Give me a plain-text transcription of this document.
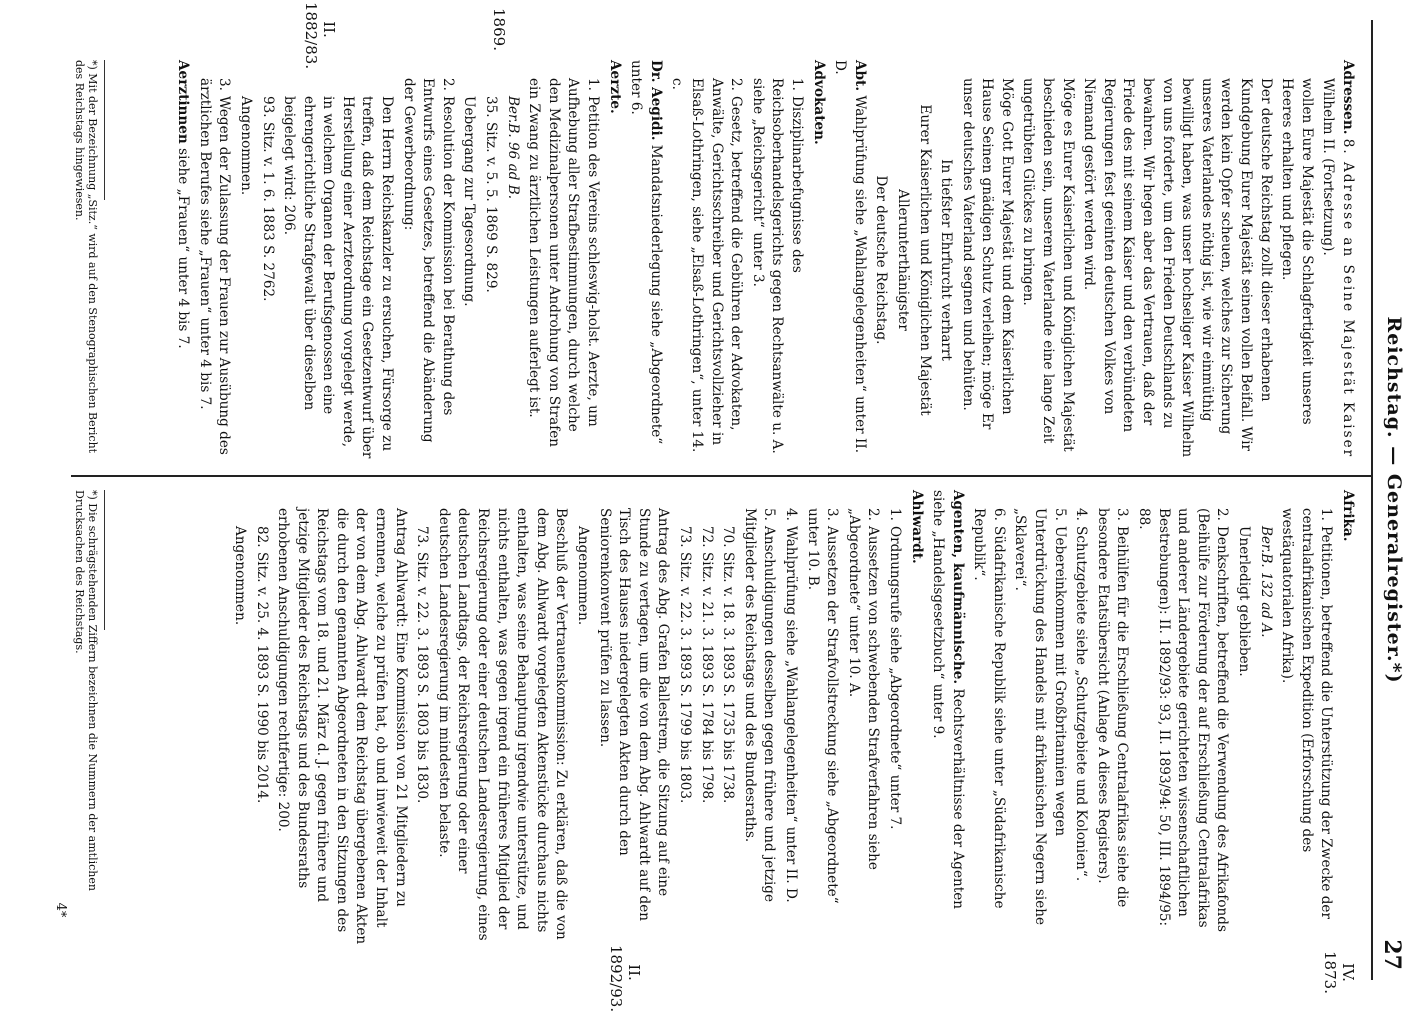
Reichstag. — Generalregister.*)
27
1869.
II.
1882/83.
IV.
1873.
II.
1892/93.

Adressen. 8. Adresse an Seine Majestät Kaiser
Wilhelm II. (Fortsetzung).

wollen Eure Majestät die Schlagfertigkeit unseres Heeres erhalten und pflegen.

Der deutsche Reichstag zollt dieser erhabenen Kundgebung Eurer Majestät seinen vollen Beifall. Wir werden kein Opfer scheuen, welches zur Sicherung unseres Vaterlandes nöthig ist, wie wir einmüthig bewilligt haben, was unser hochseliger Kaiser Wilhelm von uns forderte, um den Frieden Deutschlands zu bewahren. Wir hegen aber das Vertrauen, daß der Friede des mit seinem Kaiser und den verbündeten Regierungen fest geeinten deutschen Volkes von Niemand gestört werden wird.

Möge es Eurer Kaiserlichen und Königlichen Majestät beschieden sein, unserem Vaterlande eine lange Zeit ungetrübten Glückes zu bringen.

Möge Gott Eurer Majestät und dem Kaiserlichen Hause Seinen gnädigen Schutz verleihen; möge Er unser deutsches Vaterland segnen und behüten.

In tiefster Ehrfurcht verharrt

Eurer Kaiserlichen und Königlichen Majestät

Allerunterthänigster

Der deutsche Reichstag.

Abt. Wahlprüfung siehe „Wahlangelegenheiten“ unter II. D.

Advokaten.

1.Disziplinarbefugnisse des Reichsoberhandelsgerichts gegen Rechtsanwälte u. A. siehe „Reichsgericht“ unter 3.

2.Gesetz, betreffend die Gebühren der Advokaten, Anwälte, Gerichtsschreiber und Gerichtsvollzieher in Elsaß-Lothringen, siehe „Elsaß-Lothringen“, unter 14. c.

Dr. Aegidi. Mandatsniederlegung siehe „Abgeordnete“ unter 6.

Aerzte.

1.Petition des Vereins schleswig-holst. Aerzte, um Aufhebung aller Strafbestimmungen, durch welche den Medizinalpersonen unter Androhung von Strafen ein Zwang zu ärztlichen Leistungen auferlegt ist.

Ber.B. 96 ad B.

35. Sitz. v. 5. 5. 1869 S. 829.

Uebergang zur Tagesordnung.

2.Resolution der Kommission bei Berathung des Entwurfs eines Gesetzes, betreffend die Abänderung der Gewerbeordnung:

Den Herrn Reichskanzler zu ersuchen, Fürsorge zu treffen, daß dem Reichstage ein Gesetzentwurf über Herstellung einer Aerzteordnung vorgelegt werde, in welchem Organen der Berufsgenossen eine ehrengerichtliche Strafgewalt über dieselben beigelegt wird: 206.

93. Sitz. v. 1. 6. 1883 S. 2762.

Angenommen.

3.Wegen der Zulassung der Frauen zur Ausübung des ärztlichen Berufes siehe „Frauen“ unter 4 bis 7.

Aerztinnen siehe „Frauen“ unter 4 bis 7.

*) Mit der Bezeichnung „Sitz.“ wird auf den Stenographischen Bericht des Reichstags hingewiesen.

Afrika.

1.Petitionen, betreffend die Unterstützung der Zwecke der centralafrikanischen Expedition (Erforschung des westäquatorialen Afrika).

Ber.B. 132 ad A.

Unerledigt geblieben.

2.Denkschriften, betreffend die Verwendung des Afrikafonds (Beihülfe zur Förderung der auf Erschließung Centralafrikas und anderer Ländergebiete gerichteten wissenschaftlichen Bestrebungen): II. 1892/93: 93, II. 1893/94: 50, III. 1894/95: 88.

3.Beihülfen für die Erschließung Centralafrikas siehe die besondere Etatsübersicht (Anlage A dieses Registers).

4.Schutzgebiete siehe „Schutzgebiete und Kolonien“.

5.Uebereinkommen mit Großbritannien wegen Unterdrückung des Handels mit afrikanischen Negern siehe „Sklaverei“.

6.Südafrikanische Republik siehe unter „Südafrikanische Republik“.

Agenten, kaufmännische. Rechtsverhältnisse der Agenten siehe „Handelsgesetzbuch“ unter 9.

Ahlwardt.

1.Ordnungsrufe siehe „Abgeordnete“ unter 7.

2.Aussetzen von schwebenden Strafverfahren siehe „Abgeordnete“ unter 10. A.

3.Aussetzen der Strafvollstreckung siehe „Abgeordnete“ unter 10. B.

4.Wahlprüfung siehe „Wahlangelegenheiten“ unter II. D.

5.Anschuldigungen desselben gegen frühere und jetzige Mitglieder des Reichstags und des Bundesraths.

70. Sitz. v. 18. 3. 1893 S. 1735 bis 1738.

72. Sitz. v. 21. 3. 1893 S. 1784 bis 1798.

73. Sitz. v. 22. 3. 1893 S. 1799 bis 1803.

Antrag des Abg. Grafen Ballestrem, die Sitzung auf eine Stunde zu vertagen, um die von dem Abg. Ahlwardt auf den Tisch des Hauses niedergelegten Akten durch den Seniorenkonvent prüfen zu lassen.

Angenommen.

Beschluß der Vertrauenskommission: Zu erklären, daß die von dem Abg. Ahlwardt vorgelegten Aktenstücke durchaus nichts enthalten, was seine Behauptung irgendwie unterstütze, und nichts enthalten, was gegen irgend ein früheres Mitglied der Reichsregierung oder einer deutschen Landesregierung, eines deutschen Landtags, der Reichsregierung oder einer deutschen Landesregierung im mindesten belaste.

73. Sitz. v. 22. 3. 1893 S. 1803 bis 1830.

Antrag Ahlwardt: Eine Kommission von 21 Mitgliedern zu ernennen, welche zu prüfen hat, ob und inwieweit der Inhalt der von dem Abg. Ahlwardt dem Reichstag übergebenen Akten die durch den genannten Abgeordneten in den Sitzungen des Reichstags vom 18. und 21. März d. J. gegen frühere und jetzige Mitglieder des Reichstags und des Bundesraths erhobenen Anschuldigungen rechtfertige: 200.

82. Sitz. v. 25. 4. 1893 S. 1990 bis 2014.

Angenommen.

*) Die schrägstehenden Ziffern bezeichnen die Nummern der amtlichen Drucksachen des Reichstags.
4*
